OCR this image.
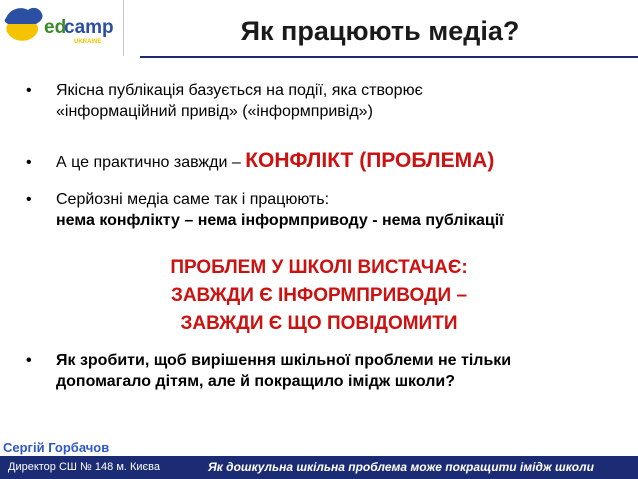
ed
camp
UKRAINE	Як працюють медіа?
• Якісна публікація базується на події, яка створює
«інформаційний привід» («інформпривід»)
• А це практично завжди – КОНФЛІКТ (ПРОБЛЕМА)
• Серйозні медіа саме так і працюють:
нема конфлікту – нема інформприводу - нема публікації
ПРОБЛЕМ У ШКОЛІ ВИСТАЧАЄ:
ЗАВЖДИ Є ІНФОРМПРИВОДИ –
ЗАВЖДИ Є ЩО ПОВІДОМИТИ
• Як зробити, щоб вирішення шкільної проблеми не тільки
допомагало дітям, але й покращило імідж школи?
Сергій Горбачов
Директор СШ № 148 м. Києва	Як дошкульна шкільна проблема може покращити імідж школи
